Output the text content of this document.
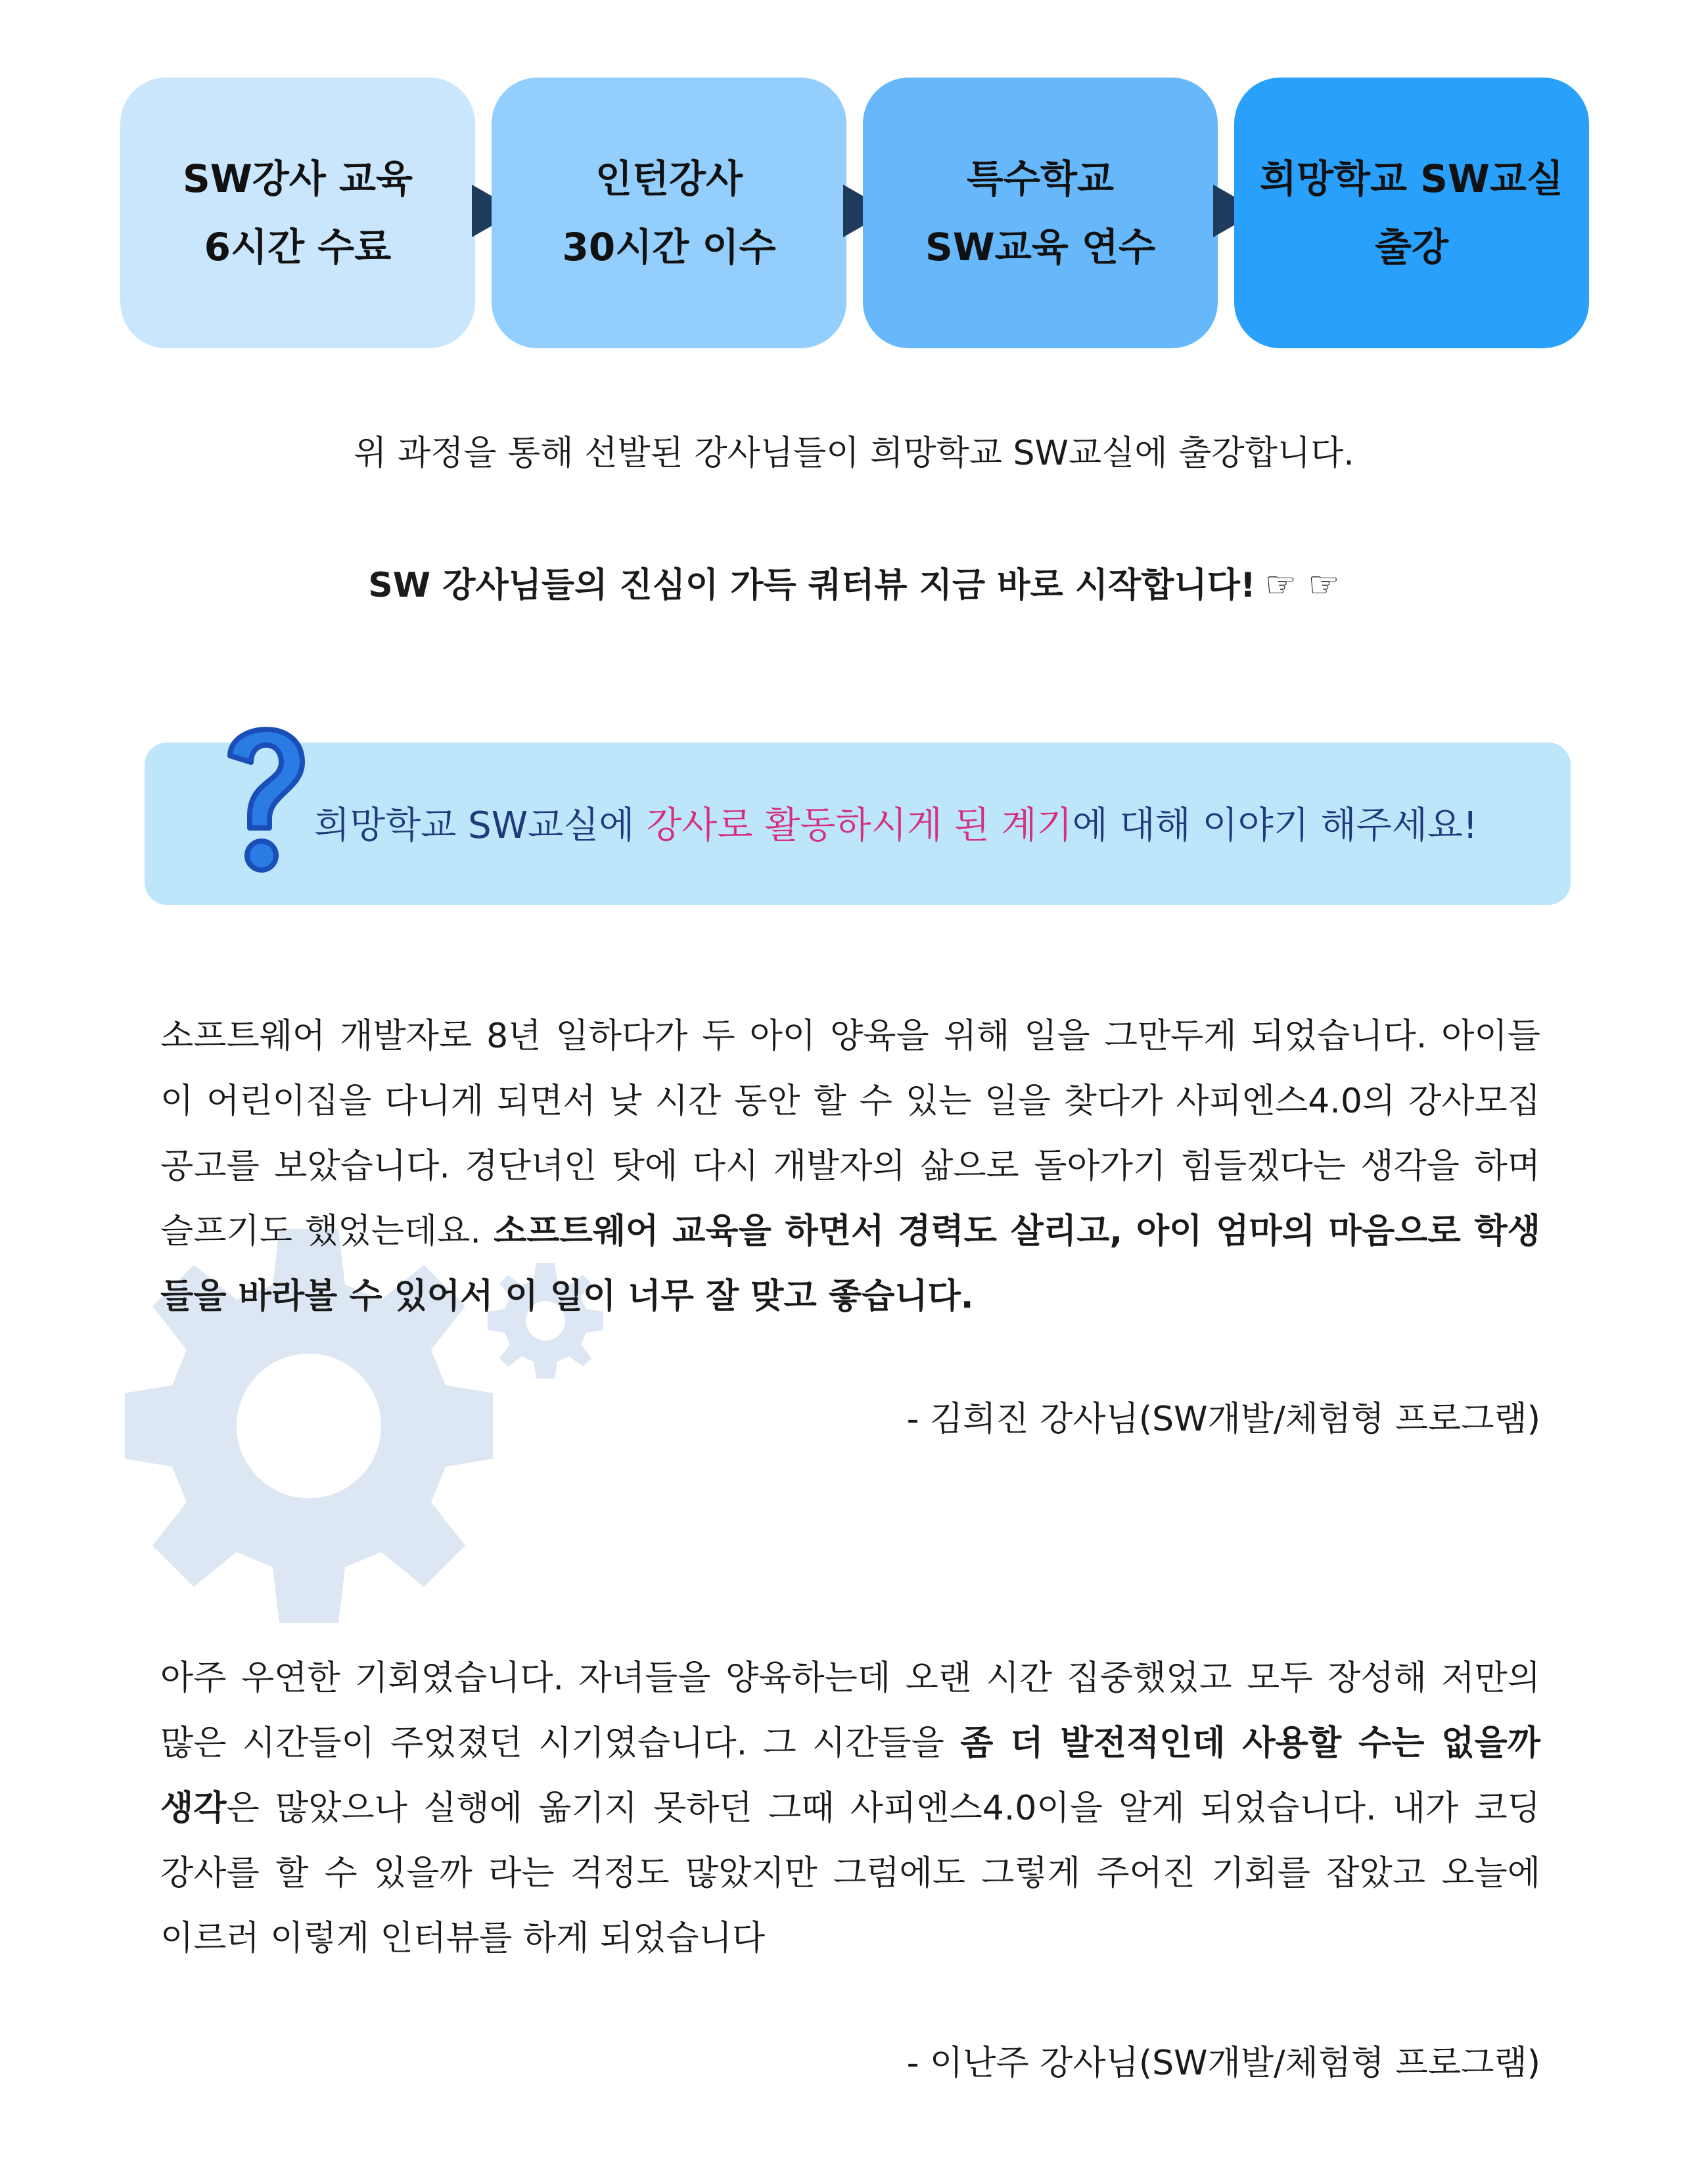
SW강사 교육
6시간 수료
인턴강사
30시간 이수
특수학교
SW교육 연수
희망학교 SW교실
출강
위 과정을 통해 선발된 강사님들이 희망학교 SW교실에 출강합니다.
SW 강사님들의 진심이 가득 쿼터뷰 지금 바로 시작합니다! ☞ ☞
희망학교 SW교실에 강사로 활동하시게 된 계기에 대해 이야기 해주세요!
소프트웨어 개발자로 8년 일하다가 두 아이 양육을 위해 일을 그만두게 되었습니다. 아이들
이 어린이집을 다니게 되면서 낮 시간 동안 할 수 있는 일을 찾다가 사피엔스4.0의 강사모집
공고를 보았습니다. 경단녀인 탓에 다시 개발자의 삶으로 돌아가기 힘들겠다는 생각을 하며
슬프기도 했었는데요. 소프트웨어 교육을 하면서 경력도 살리고, 아이 엄마의 마음으로 학생
들을 바라볼 수 있어서 이 일이 너무 잘 맞고 좋습니다.
- 김희진 강사님(SW개발/체험형 프로그램)
아주 우연한 기회였습니다. 자녀들을 양육하는데 오랜 시간 집중했었고 모두 장성해 저만의
많은 시간들이 주었졌던 시기였습니다. 그 시간들을 좀 더 발전적인데 사용할 수는 없을까
생각은 많았으나 실행에 옮기지 못하던 그때 사피엔스4.0이을 알게 되었습니다. 내가 코딩
강사를 할 수 있을까 라는 걱정도 많았지만 그럼에도 그렇게 주어진 기회를 잡았고 오늘에
이르러 이렇게 인터뷰를 하게 되었습니다
- 이난주 강사님(SW개발/체험형 프로그램)
